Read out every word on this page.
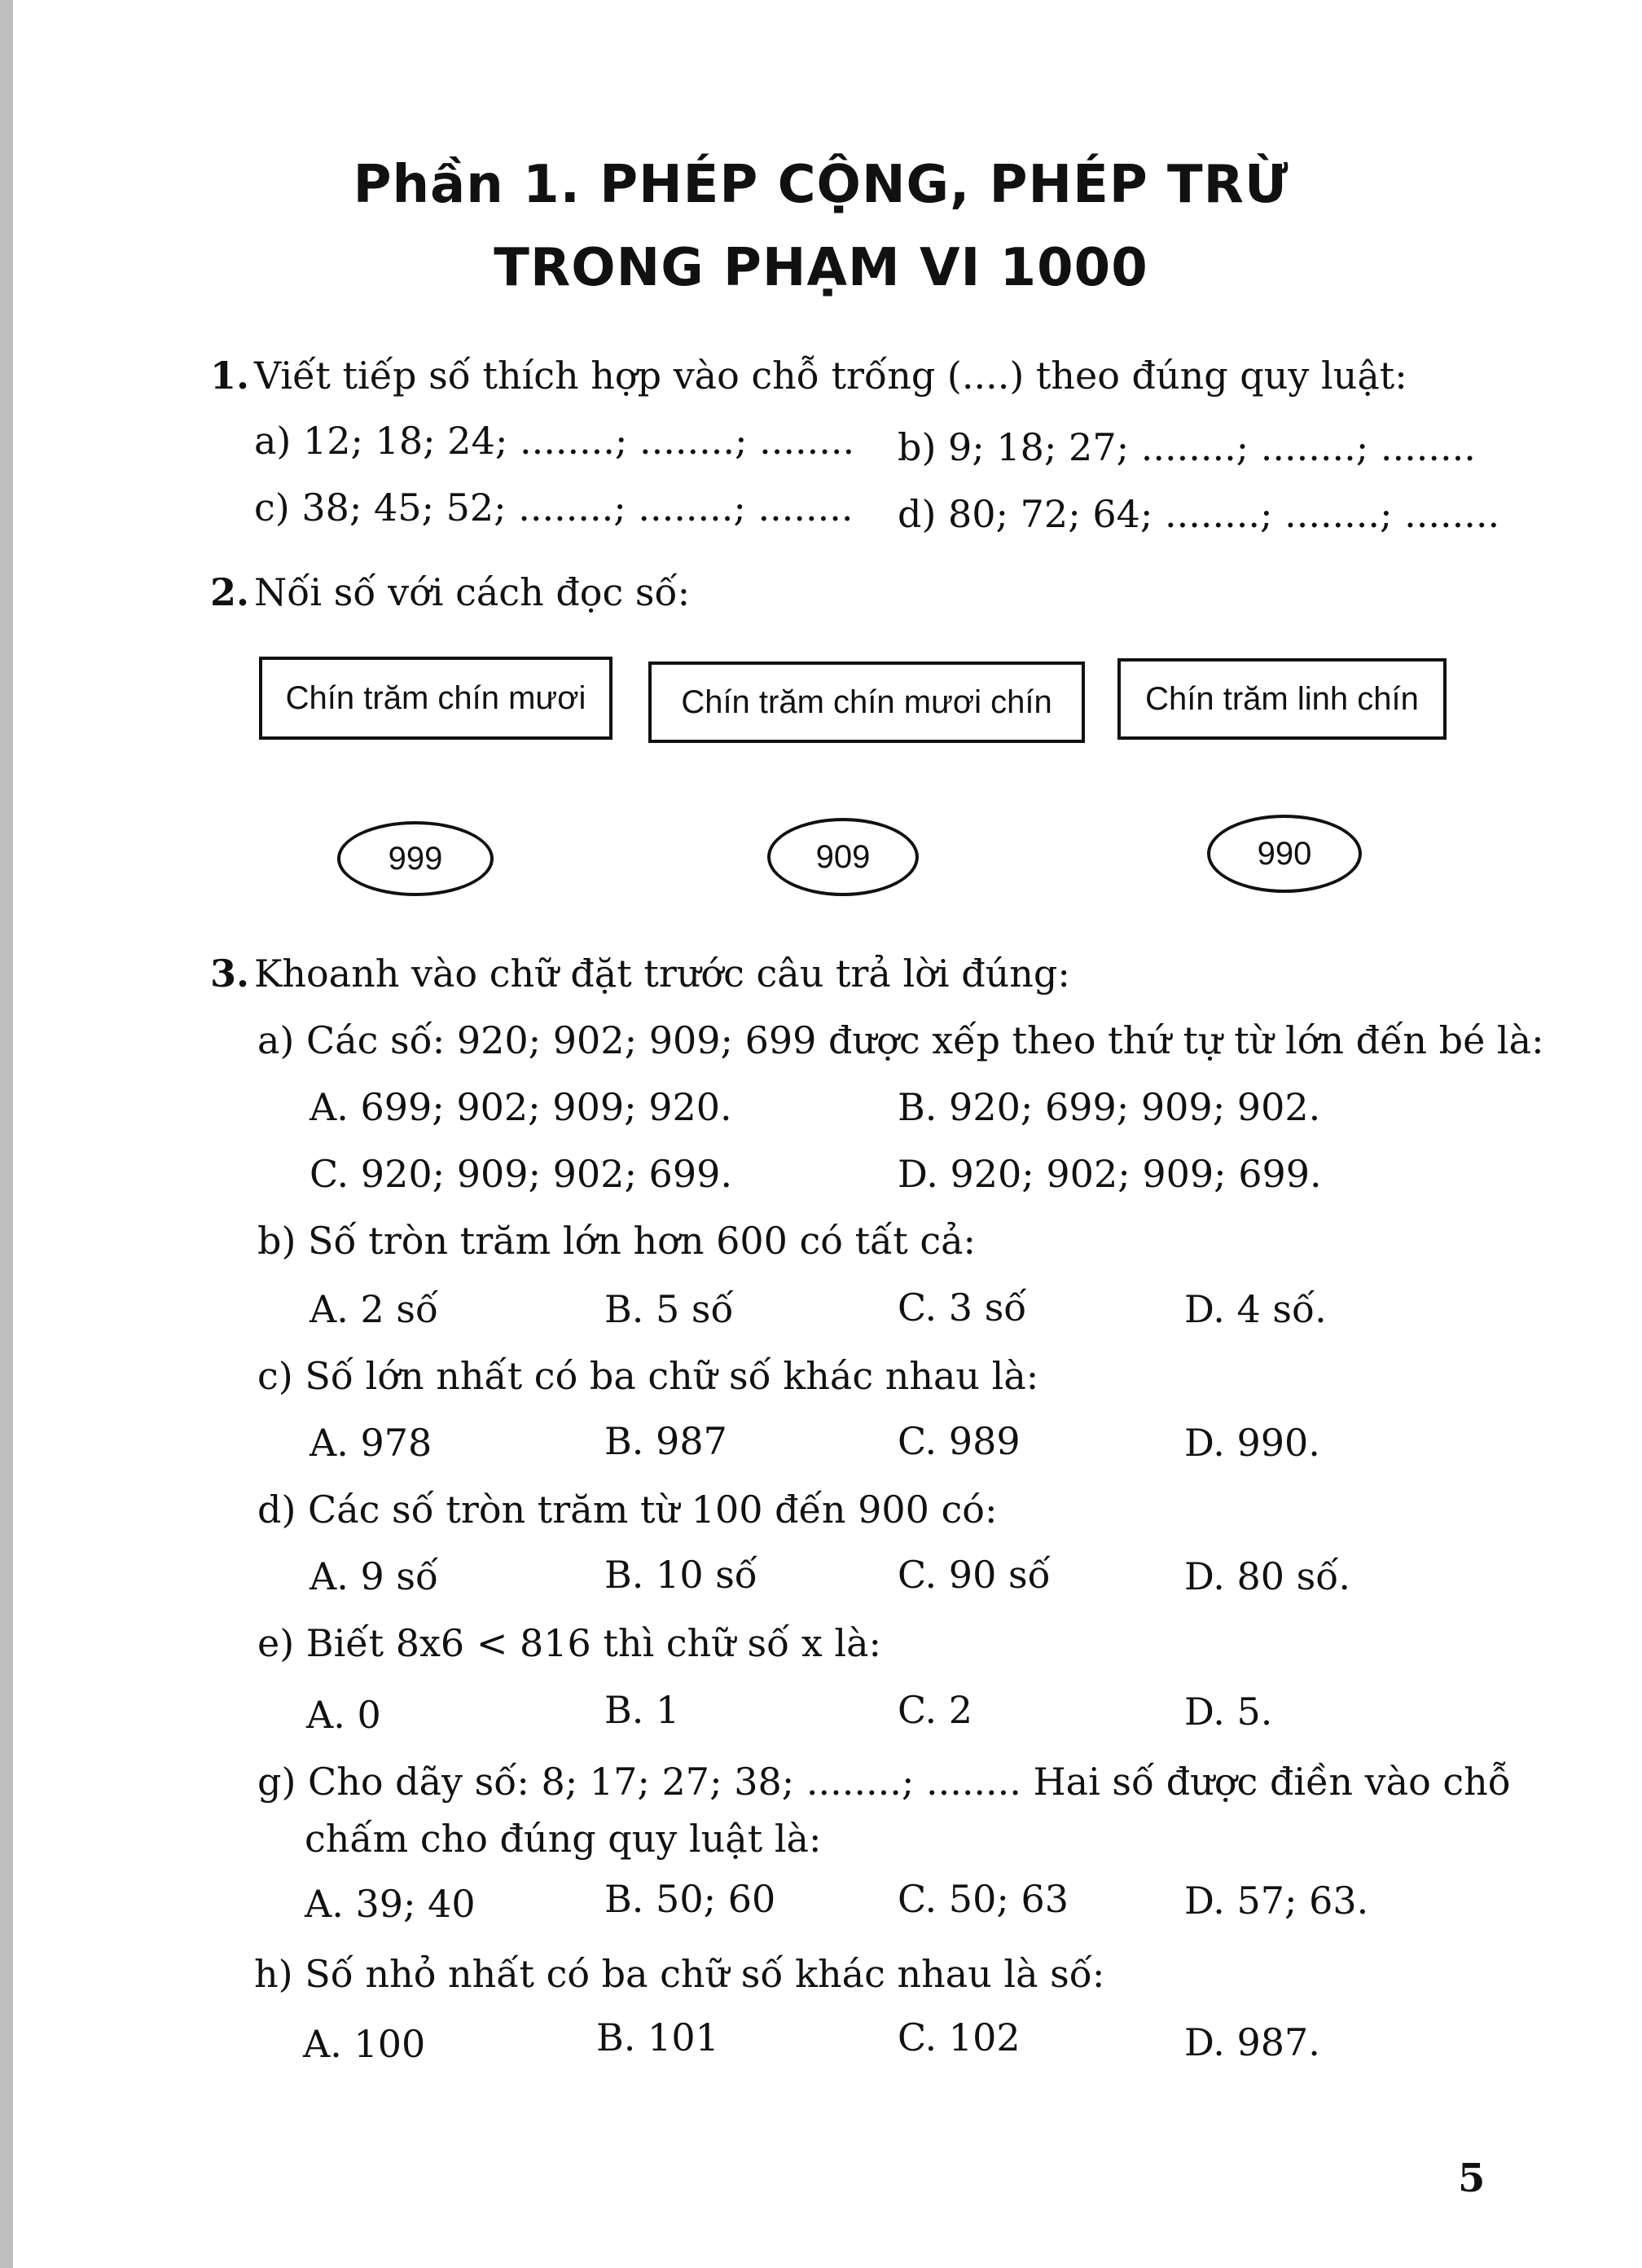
Phần 1. PHÉP CỘNG, PHÉP TRỪ
TRONG PHẠM VI 1000
1. Viết tiếp số thích hợp vào chỗ trống (....) theo đúng quy luật:
a) 12; 18; 24; ........; ........; ........ b) 9; 18; 27; ........; ........; ........
c) 38; 45; 52; ........; ........; ........ d) 80; 72; 64; ........; ........; ........
2. Nối số với cách đọc số:
Chín trăm chín mươi	Chín trăm chín mươi chín	Chín trăm linh chín
999	909	990
3. Khoanh vào chữ đặt trước câu trả lời đúng:
a) Các số: 920; 902; 909; 699 được xếp theo thứ tự từ lớn đến bé là:
A. 699; 902; 909; 920.	B. 920; 699; 909; 902.
C. 920; 909; 902; 699.	D. 920; 902; 909; 699.
b) Số tròn trăm lớn hơn 600 có tất cả:
A. 2 số	B. 5 số	C. 3 số	D. 4 số.
c) Số lớn nhất có ba chữ số khác nhau là:
A. 978	B. 987	C. 989	D. 990.
d) Các số tròn trăm từ 100 đến 900 có:
A. 9 số	B. 10 số	C. 90 số	D. 80 số.
e) Biết 8x6 < 816 thì chữ số x là:
A. 0	B. 1	C. 2	D. 5.
g) Cho dãy số: 8; 17; 27; 38; ........; ........ Hai số được điền vào chỗ
chấm cho đúng quy luật là:
A. 39; 40	B. 50; 60	C. 50; 63	D. 57; 63.
h) Số nhỏ nhất có ba chữ số khác nhau là số:
A. 100	B. 101	C. 102	D. 987.
5
